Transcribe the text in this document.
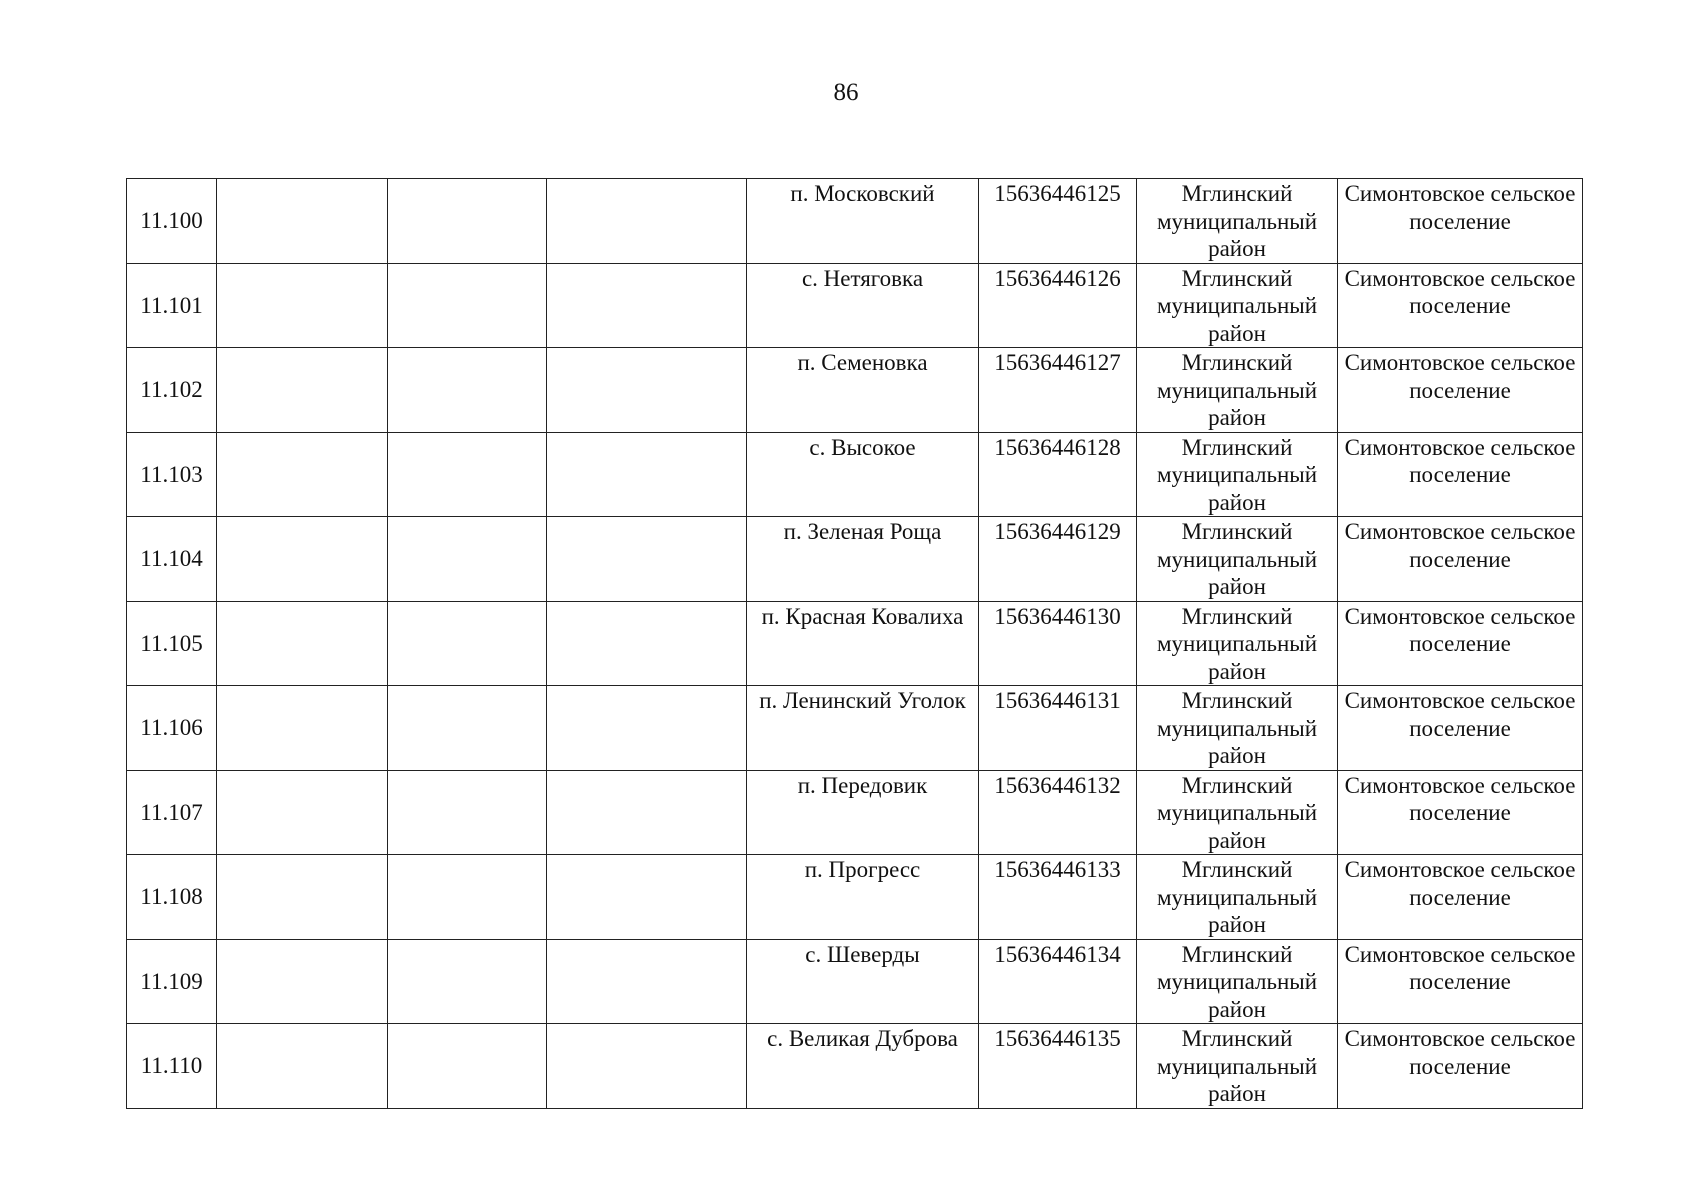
86
11.100				п. Московский	15636446125	Мглинский муниципальный район	Симонтовское сельское поселение
11.101				с. Нетяговка	15636446126	Мглинский муниципальный район	Симонтовское сельское поселение
11.102				п. Семеновка	15636446127	Мглинский муниципальный район	Симонтовское сельское поселение
11.103				с. Высокое	15636446128	Мглинский муниципальный район	Симонтовское сельское поселение
11.104				п. Зеленая Роща	15636446129	Мглинский муниципальный район	Симонтовское сельское поселение
11.105				п. Красная Ковалиха	15636446130	Мглинский муниципальный район	Симонтовское сельское поселение
11.106				п. Ленинский Уголок	15636446131	Мглинский муниципальный район	Симонтовское сельское поселение
11.107				п. Передовик	15636446132	Мглинский муниципальный район	Симонтовское сельское поселение
11.108				п. Прогресс	15636446133	Мглинский муниципальный район	Симонтовское сельское поселение
11.109				с. Шеверды	15636446134	Мглинский муниципальный район	Симонтовское сельское поселение
11.110				с. Великая Дуброва	15636446135	Мглинский муниципальный район	Симонтовское сельское поселение
